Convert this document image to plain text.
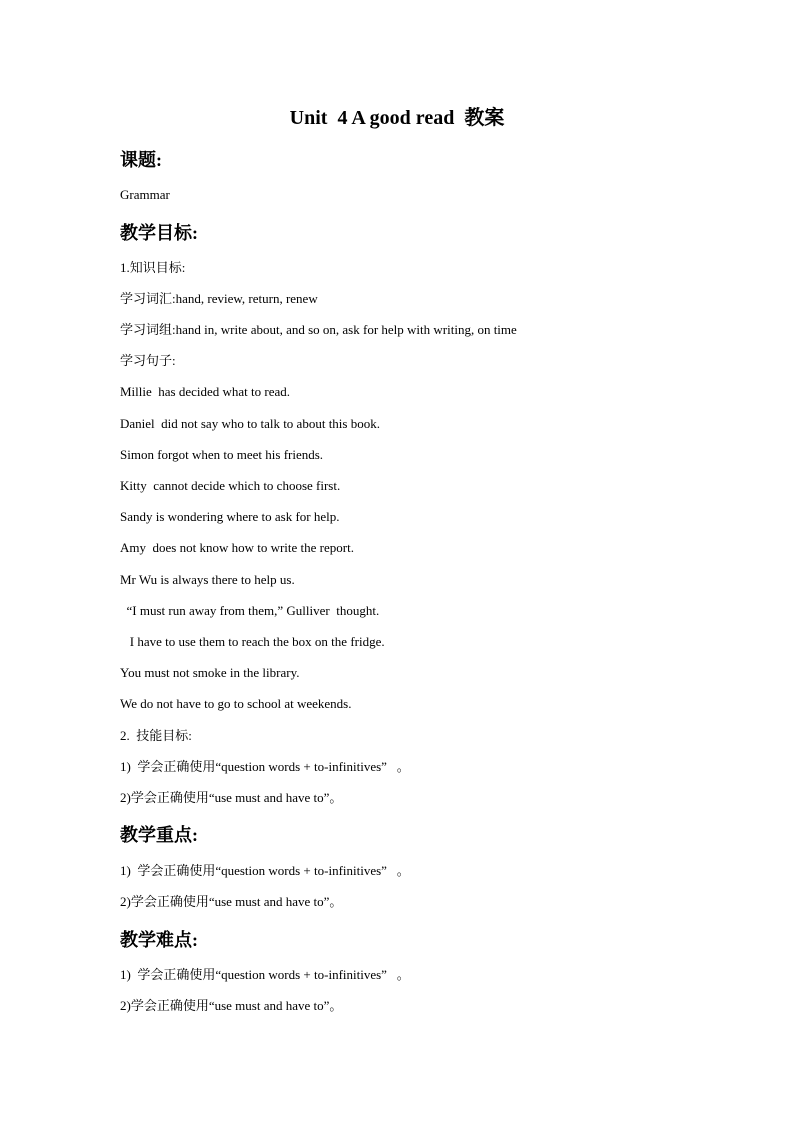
Unit  4 A good read  教案
课题:
Grammar
教学目标:
1.知识目标:
学习词汇:hand, review, return, renew
学习词组:hand in, write about, and so on, ask for help with writing, on time
学习句子:
Millie  has decided what to read.
Daniel  did not say who to talk to about this book.
Simon forgot when to meet his friends.
Kitty  cannot decide which to choose first.
Sandy is wondering where to ask for help.
Amy  does not know how to write the report.
Mr Wu is always there to help us.
“I must run away from them,” Gulliver  thought.
I have to use them to reach the box on the fridge.
You must not smoke in the library.
We do not have to go to school at weekends.
2.  技能目标:
1)  学会正确使用“question words + to-infinitives”   。
2)学会正确使用“use must and have to”。
教学重点:
1)  学会正确使用“question words + to-infinitives”   。
2)学会正确使用“use must and have to”。
教学难点:
1)  学会正确使用“question words + to-infinitives”   。
2)学会正确使用“use must and have to”。
